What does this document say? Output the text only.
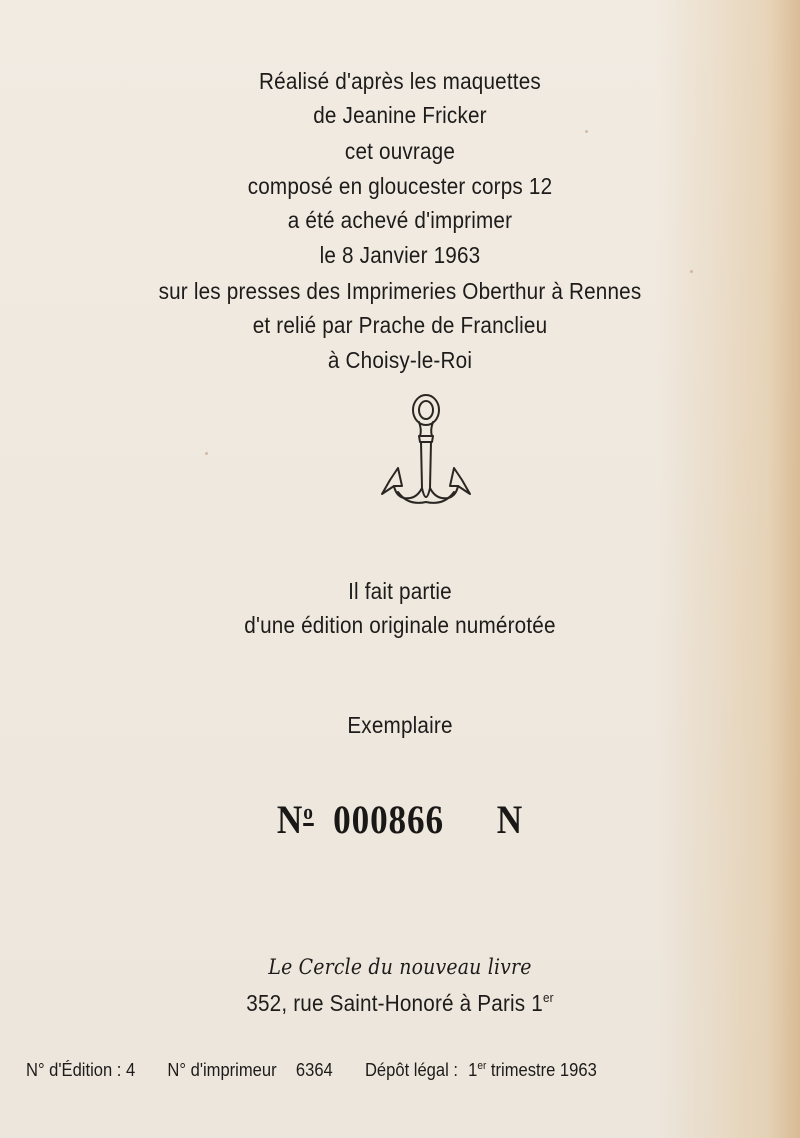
Réalisé d'après les maquettes
de Jeanine Fricker
cet ouvrage
composé en gloucester corps 12
a été achevé d'imprimer
le 8 Janvier 1963
sur les presses des Imprimeries Oberthur à Rennes
et relié par Prache de Franclieu
à Choisy-le-Roi
Il fait partie
d'une édition originale numérotée
Exemplaire
$N^o$ 000866 N
Le Cercle du nouveau livre
352, rue Saint-Honoré à Paris 1er
N° d'Édition : 4 N° d'imprimeur 6364 Dépôt légal : 1er trimestre 1963
